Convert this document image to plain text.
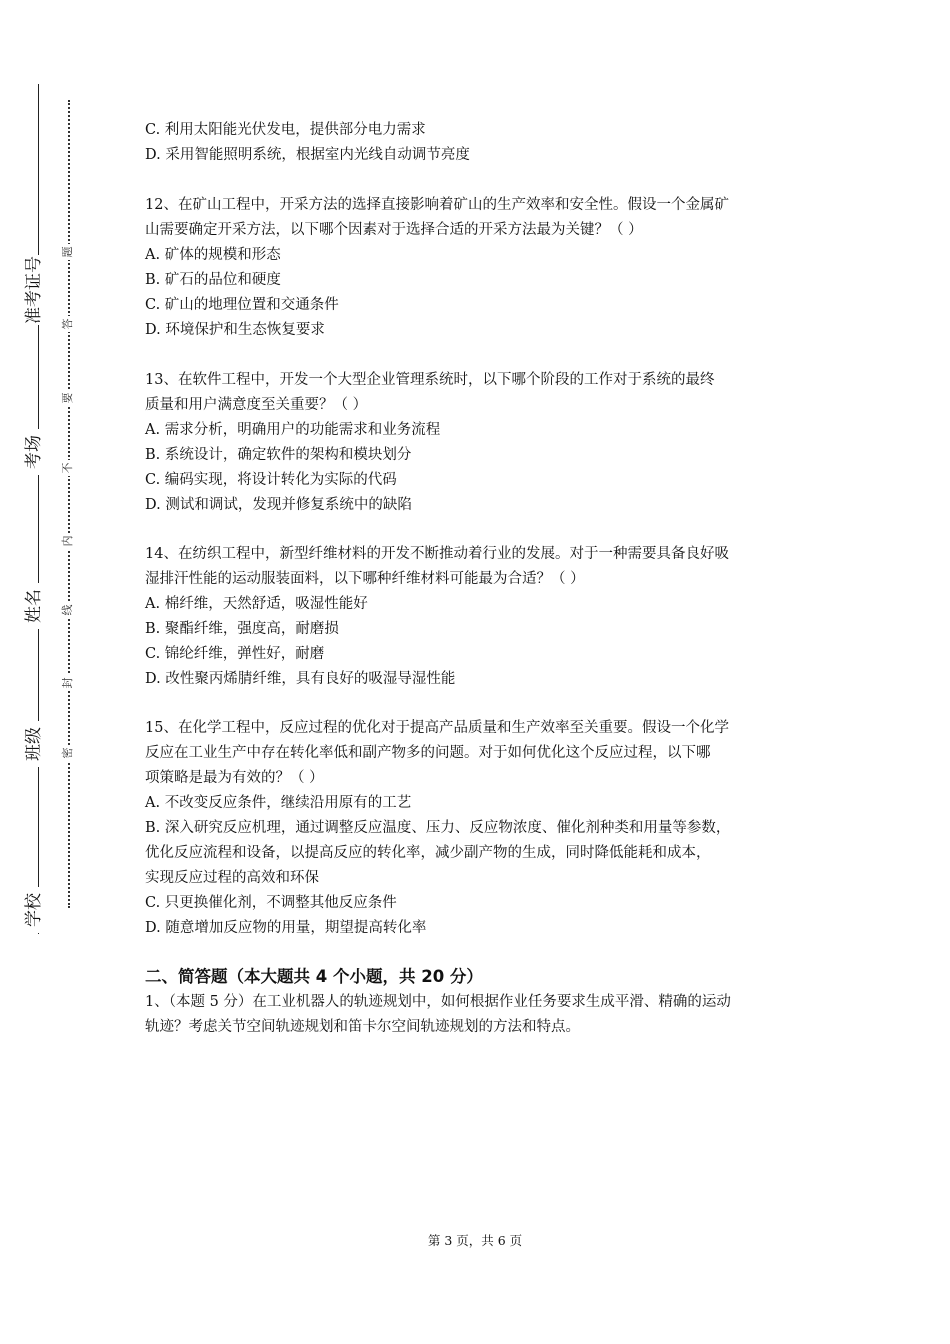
准考证号
考场
姓名
班级
学校
题
答
要
不
内
线
封
密
C. 利用太阳能光伏发电，提供部分电力需求
D. 采用智能照明系统，根据室内光线自动调节亮度
12、在矿山工程中，开采方法的选择直接影响着矿山的生产效率和安全性。假设一个金属矿
山需要确定开采方法，以下哪个因素对于选择合适的开采方法最为关键？（ ）
A. 矿体的规模和形态
B. 矿石的品位和硬度
C. 矿山的地理位置和交通条件
D. 环境保护和生态恢复要求
13、在软件工程中，开发一个大型企业管理系统时，以下哪个阶段的工作对于系统的最终
质量和用户满意度至关重要？（ ）
A. 需求分析，明确用户的功能需求和业务流程
B. 系统设计，确定软件的架构和模块划分
C. 编码实现，将设计转化为实际的代码
D. 测试和调试，发现并修复系统中的缺陷
14、在纺织工程中，新型纤维材料的开发不断推动着行业的发展。对于一种需要具备良好吸
湿排汗性能的运动服装面料，以下哪种纤维材料可能最为合适？（ ）
A. 棉纤维，天然舒适，吸湿性能好
B. 聚酯纤维，强度高，耐磨损
C. 锦纶纤维，弹性好，耐磨
D. 改性聚丙烯腈纤维，具有良好的吸湿导湿性能
15、在化学工程中，反应过程的优化对于提高产品质量和生产效率至关重要。假设一个化学
反应在工业生产中存在转化率低和副产物多的问题。对于如何优化这个反应过程，以下哪
项策略是最为有效的？（ ）
A. 不改变反应条件，继续沿用原有的工艺
B. 深入研究反应机理，通过调整反应温度、压力、反应物浓度、催化剂种类和用量等参数，
优化反应流程和设备，以提高反应的转化率，减少副产物的生成，同时降低能耗和成本，
实现反应过程的高效和环保
C. 只更换催化剂，不调整其他反应条件
D. 随意增加反应物的用量，期望提高转化率
二、简答题（本大题共 4 个小题，共 20 分）
1、（本题 5 分）在工业机器人的轨迹规划中，如何根据作业任务要求生成平滑、精确的运动
轨迹？考虑关节空间轨迹规划和笛卡尔空间轨迹规划的方法和特点。
第 3 页，共 6 页
